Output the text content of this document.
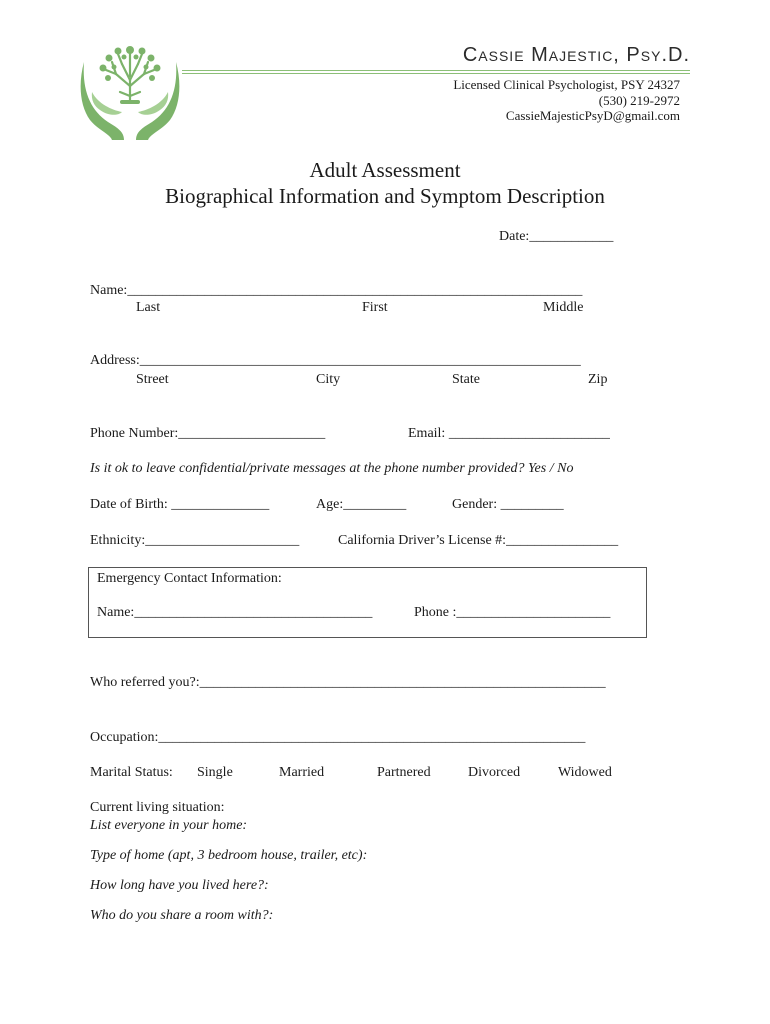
Cassie Majestic, Psy.D.
Licensed Clinical Psychologist, PSY 24327
(530) 219-2972
CassieMajesticPsyD@gmail.com
Adult Assessment
Biographical Information and Symptom Description
Date:____________
Name:_________________________________________________________________
Last	First	Middle
Address:_______________________________________________________________
Street	City	State	Zip
Phone Number:_____________________	Email: _______________________
Is it ok to leave confidential/private messages at the phone number provided? Yes / No
Date of Birth: ______________	Age:_________	Gender: _________
Ethnicity:______________________	California Driver’s License #:________________
Emergency Contact Information:
Name:__________________________________	Phone :______________________
Who referred you?:__________________________________________________________
Occupation:_____________________________________________________________
Marital Status: Single	Married	Partnered	Divorced	Widowed
Current living situation:
List everyone in your home:
Type of home (apt, 3 bedroom house, trailer, etc):
How long have you lived here?:
Who do you share a room with?:
